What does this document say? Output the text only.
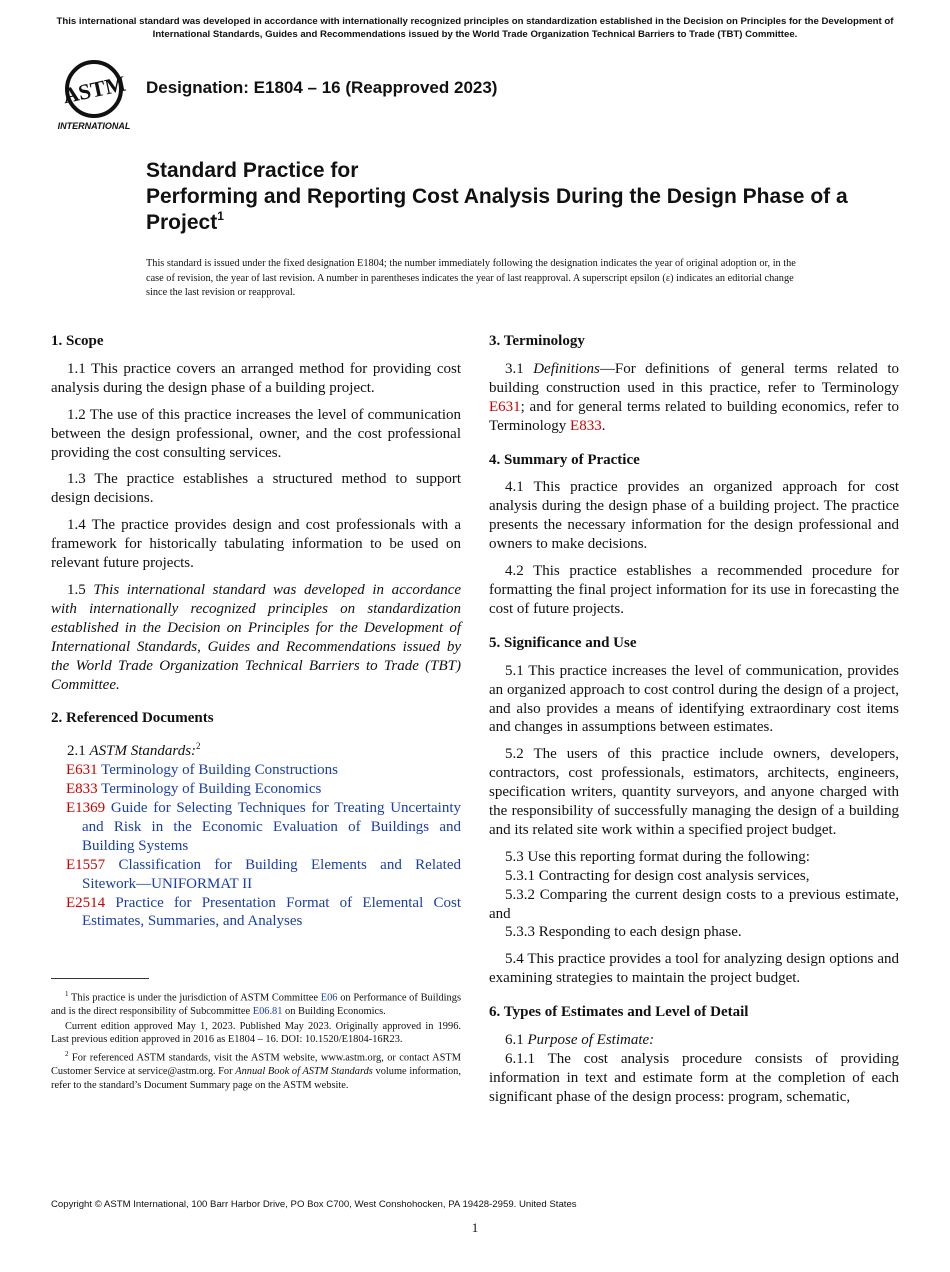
This international standard was developed in accordance with internationally recognized principles on standardization established in the Decision on Principles for the Development of International Standards, Guides and Recommendations issued by the World Trade Organization Technical Barriers to Trade (TBT) Committee.
ASTM
INTERNATIONAL
Designation: E1804 – 16 (Reapproved 2023)
Standard Practice for
Performing and Reporting Cost Analysis During the Design Phase of a Project$^1$
This standard is issued under the fixed designation E1804; the number immediately following the designation indicates the year of original adoption or, in the case of revision, the year of last revision. A number in parentheses indicates the year of last reapproval. A superscript epsilon (ε) indicates an editorial change since the last revision or reapproval.
1. Scope

1.1 This practice covers an arranged method for providing cost analysis during the design phase of a building project.

1.2 The use of this practice increases the level of communication between the design professional, owner, and the cost professional providing the cost consulting services.

1.3 The practice establishes a structured method to support design decisions.

1.4 The practice provides design and cost professionals with a framework for historically tabulating information to be used on relevant future projects.

1.5 This international standard was developed in accordance with internationally recognized principles on standardization established in the Decision on Principles for the Development of International Standards, Guides and Recommendations issued by the World Trade Organization Technical Barriers to Trade (TBT) Committee.

2. Referenced Documents

2.1 ASTM Standards:$^2$

E631 Terminology of Building Constructions

E833 Terminology of Building Economics

E1369 Guide for Selecting Techniques for Treating Uncertainty and Risk in the Economic Evaluation of Buildings and Building Systems

E1557 Classification for Building Elements and Related Sitework—UNIFORMAT II

E2514 Practice for Presentation Format of Elemental Cost Estimates, Summaries, and Analyses

$^1$ This practice is under the jurisdiction of ASTM Committee E06 on Performance of Buildings and is the direct responsibility of Subcommittee E06.81 on Building Economics.

Current edition approved May 1, 2023. Published May 2023. Originally approved in 1996. Last previous edition approved in 2016 as E1804 – 16. DOI: 10.1520/E1804-16R23.

$^2$ For referenced ASTM standards, visit the ASTM website, www.astm.org, or contact ASTM Customer Service at service@astm.org. For Annual Book of ASTM Standards volume information, refer to the standard’s Document Summary page on the ASTM website.

3. Terminology

3.1 Definitions—For definitions of general terms related to building construction used in this practice, refer to Terminology E631; and for general terms related to building economics, refer to Terminology E833.

4. Summary of Practice

4.1 This practice provides an organized approach for cost analysis during the design phase of a building project. The practice presents the necessary information for the design professional and owners to make decisions.

4.2 This practice establishes a recommended procedure for formatting the final project information for its use in forecasting the cost of future projects.

5. Significance and Use

5.1 This practice increases the level of communication, provides an organized approach to cost control during the design of a project, and also provides a means of identifying extraordinary cost items and changes in assumptions between estimates.

5.2 The users of this practice include owners, developers, contractors, cost professionals, estimators, architects, engineers, specification writers, quantity surveyors, and anyone charged with the responsibility of successfully managing the design of a building and its related site work within a specified project budget.

5.3 Use this reporting format during the following:

5.3.1 Contracting for design cost analysis services,

5.3.2 Comparing the current design costs to a previous estimate, and

5.3.3 Responding to each design phase.

5.4 This practice provides a tool for analyzing design options and examining strategies to maintain the project budget.

6. Types of Estimates and Level of Detail

6.1 Purpose of Estimate:

6.1.1 The cost analysis procedure consists of providing information in text and estimate form at the completion of each significant phase of the design process: program, schematic,

Copyright © ASTM International, 100 Barr Harbor Drive, PO Box C700, West Conshohocken, PA 19428-2959. United States
1
